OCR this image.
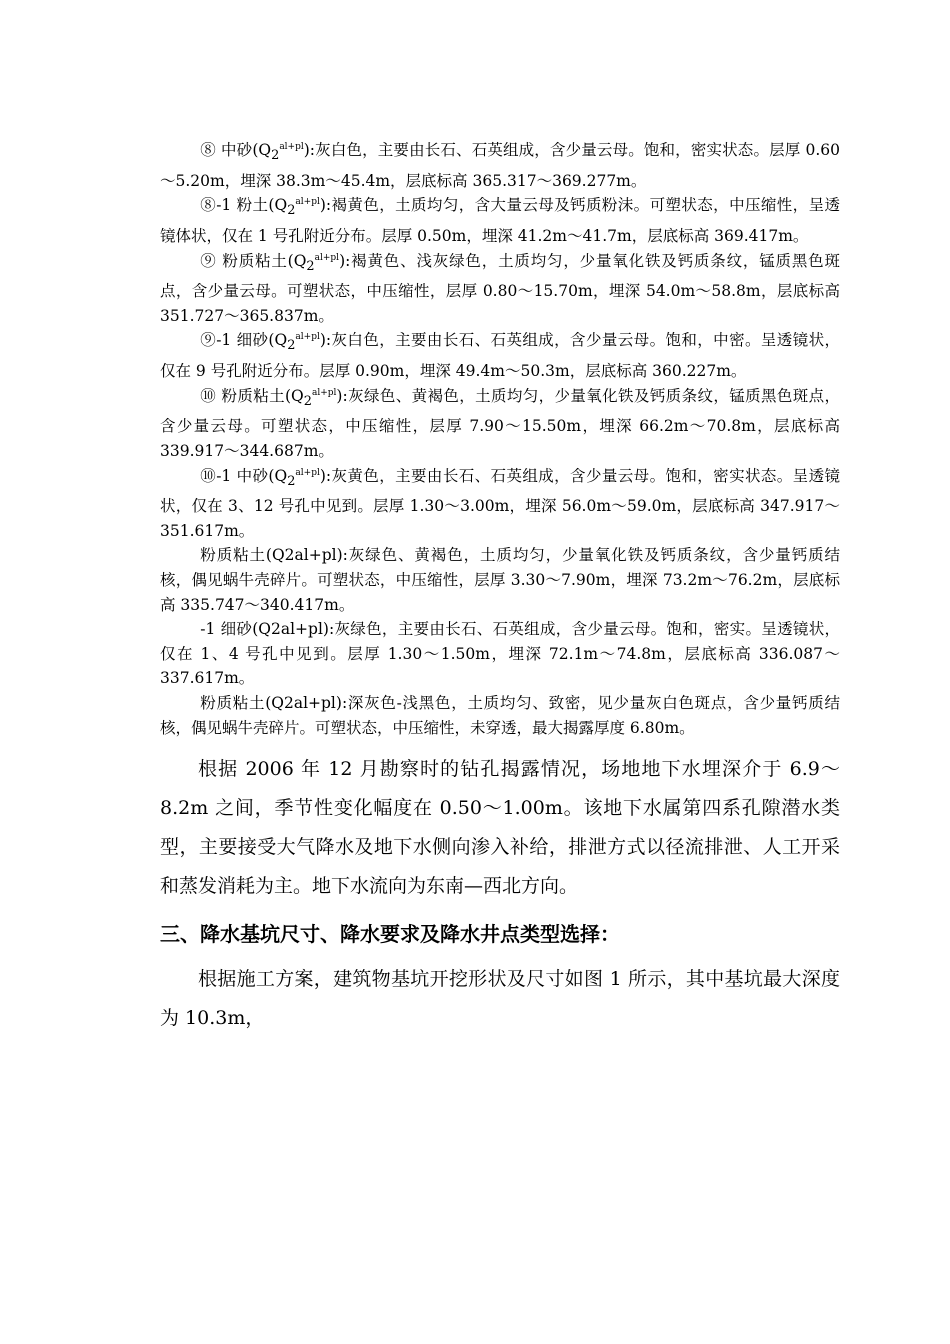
⑧ 中砂$(Q_2^{al+pl})$:灰白色，主要由长石、石英组成，含少量云母。饱和，密实状态。层厚 0.60～5.20m，埋深 38.3m～45.4m，层底标高 365.317～369.277m。

⑧-1 粉土$(Q_2^{al+pl})$:褐黄色，土质均匀，含大量云母及钙质粉沫。可塑状态，中压缩性，呈透镜体状，仅在 1 号孔附近分布。层厚 0.50m，埋深 41.2m～41.7m，层底标高 369.417m。

⑨ 粉质粘土$(Q_2^{al+pl})$:褐黄色、浅灰绿色，土质均匀，少量氧化铁及钙质条纹，锰质黑色斑点，含少量云母。可塑状态，中压缩性，层厚 0.80～15.70m，埋深 54.0m～58.8m，层底标高 351.727～365.837m。

⑨-1 细砂$(Q_2^{al+pl})$:灰白色，主要由长石、石英组成，含少量云母。饱和，中密。呈透镜状，仅在 9 号孔附近分布。层厚 0.90m，埋深 49.4m～50.3m，层底标高 360.227m。

⑩ 粉质粘土$(Q_2^{al+pl})$:灰绿色、黄褐色，土质均匀，少量氧化铁及钙质条纹，锰质黑色斑点，含少量云母。可塑状态，中压缩性，层厚 7.90～15.50m，埋深 66.2m～70.8m，层底标高 339.917～344.687m。

⑩-1 中砂$(Q_2^{al+pl})$:灰黄色，主要由长石、石英组成，含少量云母。饱和，密实状态。呈透镜状，仅在 3、12 号孔中见到。层厚 1.30～3.00m，埋深 56.0m～59.0m，层底标高 347.917～351.617m。

粉质粘土(Q2al+pl):灰绿色、黄褐色，土质均匀，少量氧化铁及钙质条纹，含少量钙质结核，偶见蜗牛壳碎片。可塑状态，中压缩性，层厚 3.30～7.90m，埋深 73.2m～76.2m，层底标高 335.747～340.417m。

-1 细砂(Q2al+pl):灰绿色，主要由长石、石英组成，含少量云母。饱和，密实。呈透镜状，仅在 1、4 号孔中见到。层厚 1.30～1.50m，埋深 72.1m～74.8m，层底标高 336.087～337.617m。

粉质粘土(Q2al+pl):深灰色-浅黑色，土质均匀、致密，见少量灰白色斑点，含少量钙质结核，偶见蜗牛壳碎片。可塑状态，中压缩性，未穿透，最大揭露厚度 6.80m。

根据 2006 年 12 月勘察时的钻孔揭露情况，场地地下水埋深介于 6.9～8.2m 之间，季节性变化幅度在 0.50～1.00m。该地下水属第四系孔隙潜水类型，主要接受大气降水及地下水侧向渗入补给，排泄方式以径流排泄、人工开采和蒸发消耗为主。地下水流向为东南—西北方向。

三、降水基坑尺寸、降水要求及降水井点类型选择：

根据施工方案，建筑物基坑开挖形状及尺寸如图 1 所示，其中基坑最大深度为 10.3m，
